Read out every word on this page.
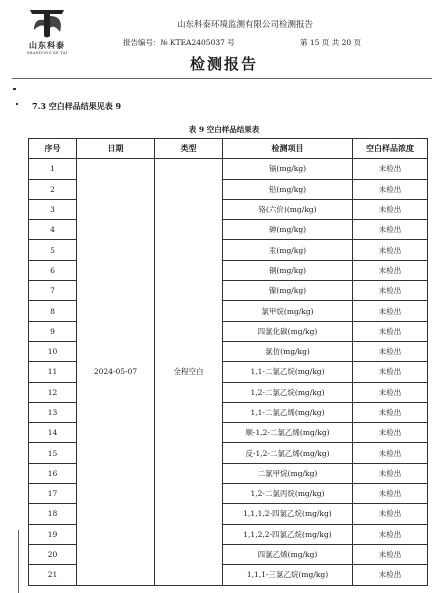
山东科泰
SHANDONG KE TAI
山东科泰环境监测有限公司检测报告
报告编号：№ KTEA2405037 号	第 15 页 共 20 页
检测报告
7.3 空白样品结果见表 9
表 9 空白样品结果表
序号	日期	类型	检测项目	空白样品浓度
1	2024-05-07	全程空白	镉(mg/kg)	未检出
2			铅(mg/kg)	未检出
3			铬(六价)(mg/kg)	未检出
4			砷(mg/kg)	未检出
5			汞(mg/kg)	未检出
6			铜(mg/kg)	未检出
7			镍(mg/kg)	未检出
8			氯甲烷(mg/kg)	未检出
9			四氯化碳(mg/kg)	未检出
10			氯仿(mg/kg)	未检出
11			1,1-二氯乙烷(mg/kg)	未检出
12			1,2-二氯乙烷(mg/kg)	未检出
13			1,1-二氯乙烯(mg/kg)	未检出
14			顺-1,2-二氯乙烯(mg/kg)	未检出
15			反-1,2-二氯乙烯(mg/kg)	未检出
16			二氯甲烷(mg/kg)	未检出
17			1,2-二氯丙烷(mg/kg)	未检出
18			1,1,1,2-四氯乙烷(mg/kg)	未检出
19			1,1,2,2-四氯乙烷(mg/kg)	未检出
20			四氯乙烯(mg/kg)	未检出
21			1,1,1-三氯乙烷(mg/kg)	未检出
